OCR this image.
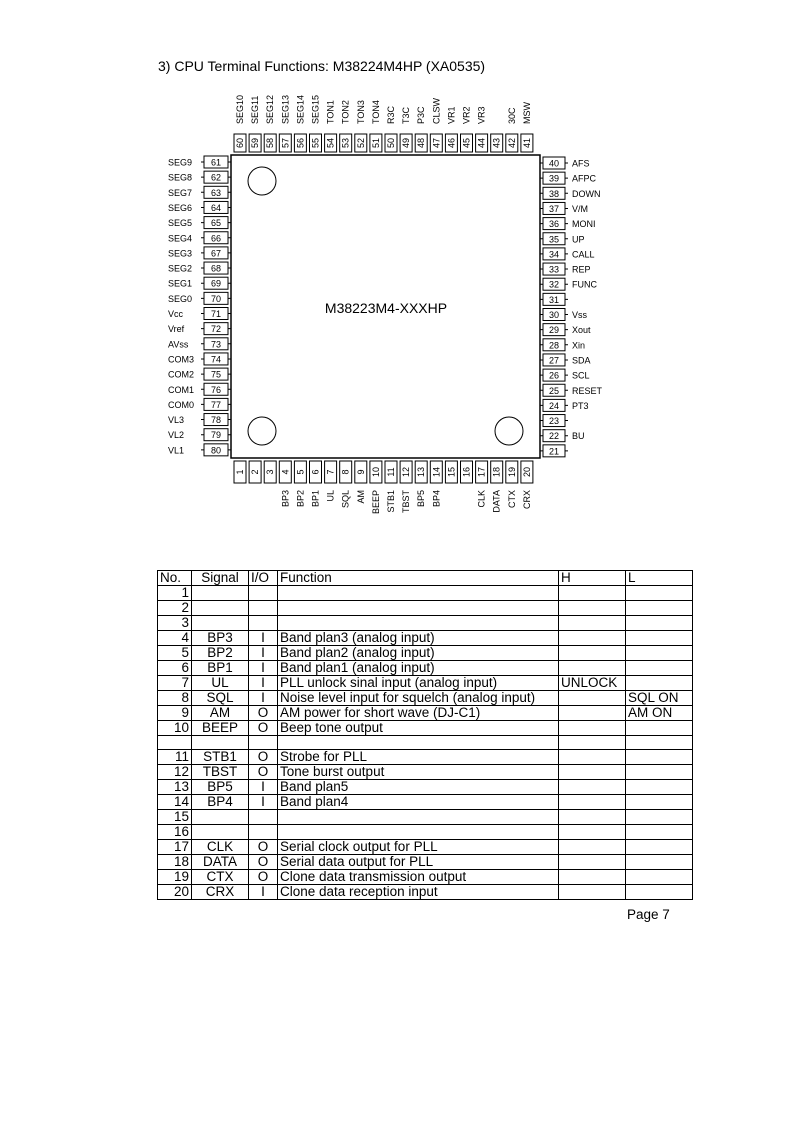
3) CPU Terminal Functions: M38224M4HP (XA0535)
M38223M4-XXXHP
60
SEG10
59
SEG11
58
SEG12
57
SEG13
56
SEG14
55
SEG15
54
TON1
53
TON2
52
TON3
51
TON4
50
R3C
49
T3C
48
P3C
47
CLSW
46
VR1
45
VR2
44
VR3
43 42
30C
41
MSW
61
SEG9
62
SEG8
63
SEG7
64
SEG6
65
SEG5
66
SEG4
67
SEG3
68
SEG2
69
SEG1
70
SEG0
71
Vcc
72
Vref
73
AVss
74
COM3
75
COM2
76
COM1
77
COM0
78
VL3
79
VL2
80
VL1
40 AFS
39 AFPC
38 DOWN
37 V/M
36 MONI
35 UP
34 CALL
33 REP
32 FUNC
31
30 Vss
29 Xout
28 Xin
27 SDA
26 SCL
25 RESET
24 PT3
23
22 BU
21
1 2 3 4
BP3
5
BP2
6
BP1
7
UL
8
SQL
9
AM
10
BEEP
11
STB1
12
TBST
13
BP5
14
BP4
15 16 17
CLK
18
DATA
19
CTX
20
CRX
No.	Signal	I/O	Function	H	L
1					
2					
3					
4	BP3	I	Band plan3 (analog input)		
5	BP2	I	Band plan2 (analog input)		
6	BP1	I	Band plan1 (analog input)		
7	UL	I	PLL unlock sinal input (analog input)	UNLOCK	
8	SQL	I	Noise level input for squelch (analog input)		SQL ON
9	AM	O	AM power for short wave (DJ-C1)		AM ON
10	BEEP	O	Beep tone output		

11	STB1	O	Strobe for PLL		
12	TBST	O	Tone burst output		
13	BP5	I	Band plan5		
14	BP4	I	Band plan4		
15					
16					
17	CLK	O	Serial clock output for PLL		
18	DATA	O	Serial data output for PLL		
19	CTX	O	Clone data transmission output		
20	CRX	I	Clone data reception input		
Page 7
